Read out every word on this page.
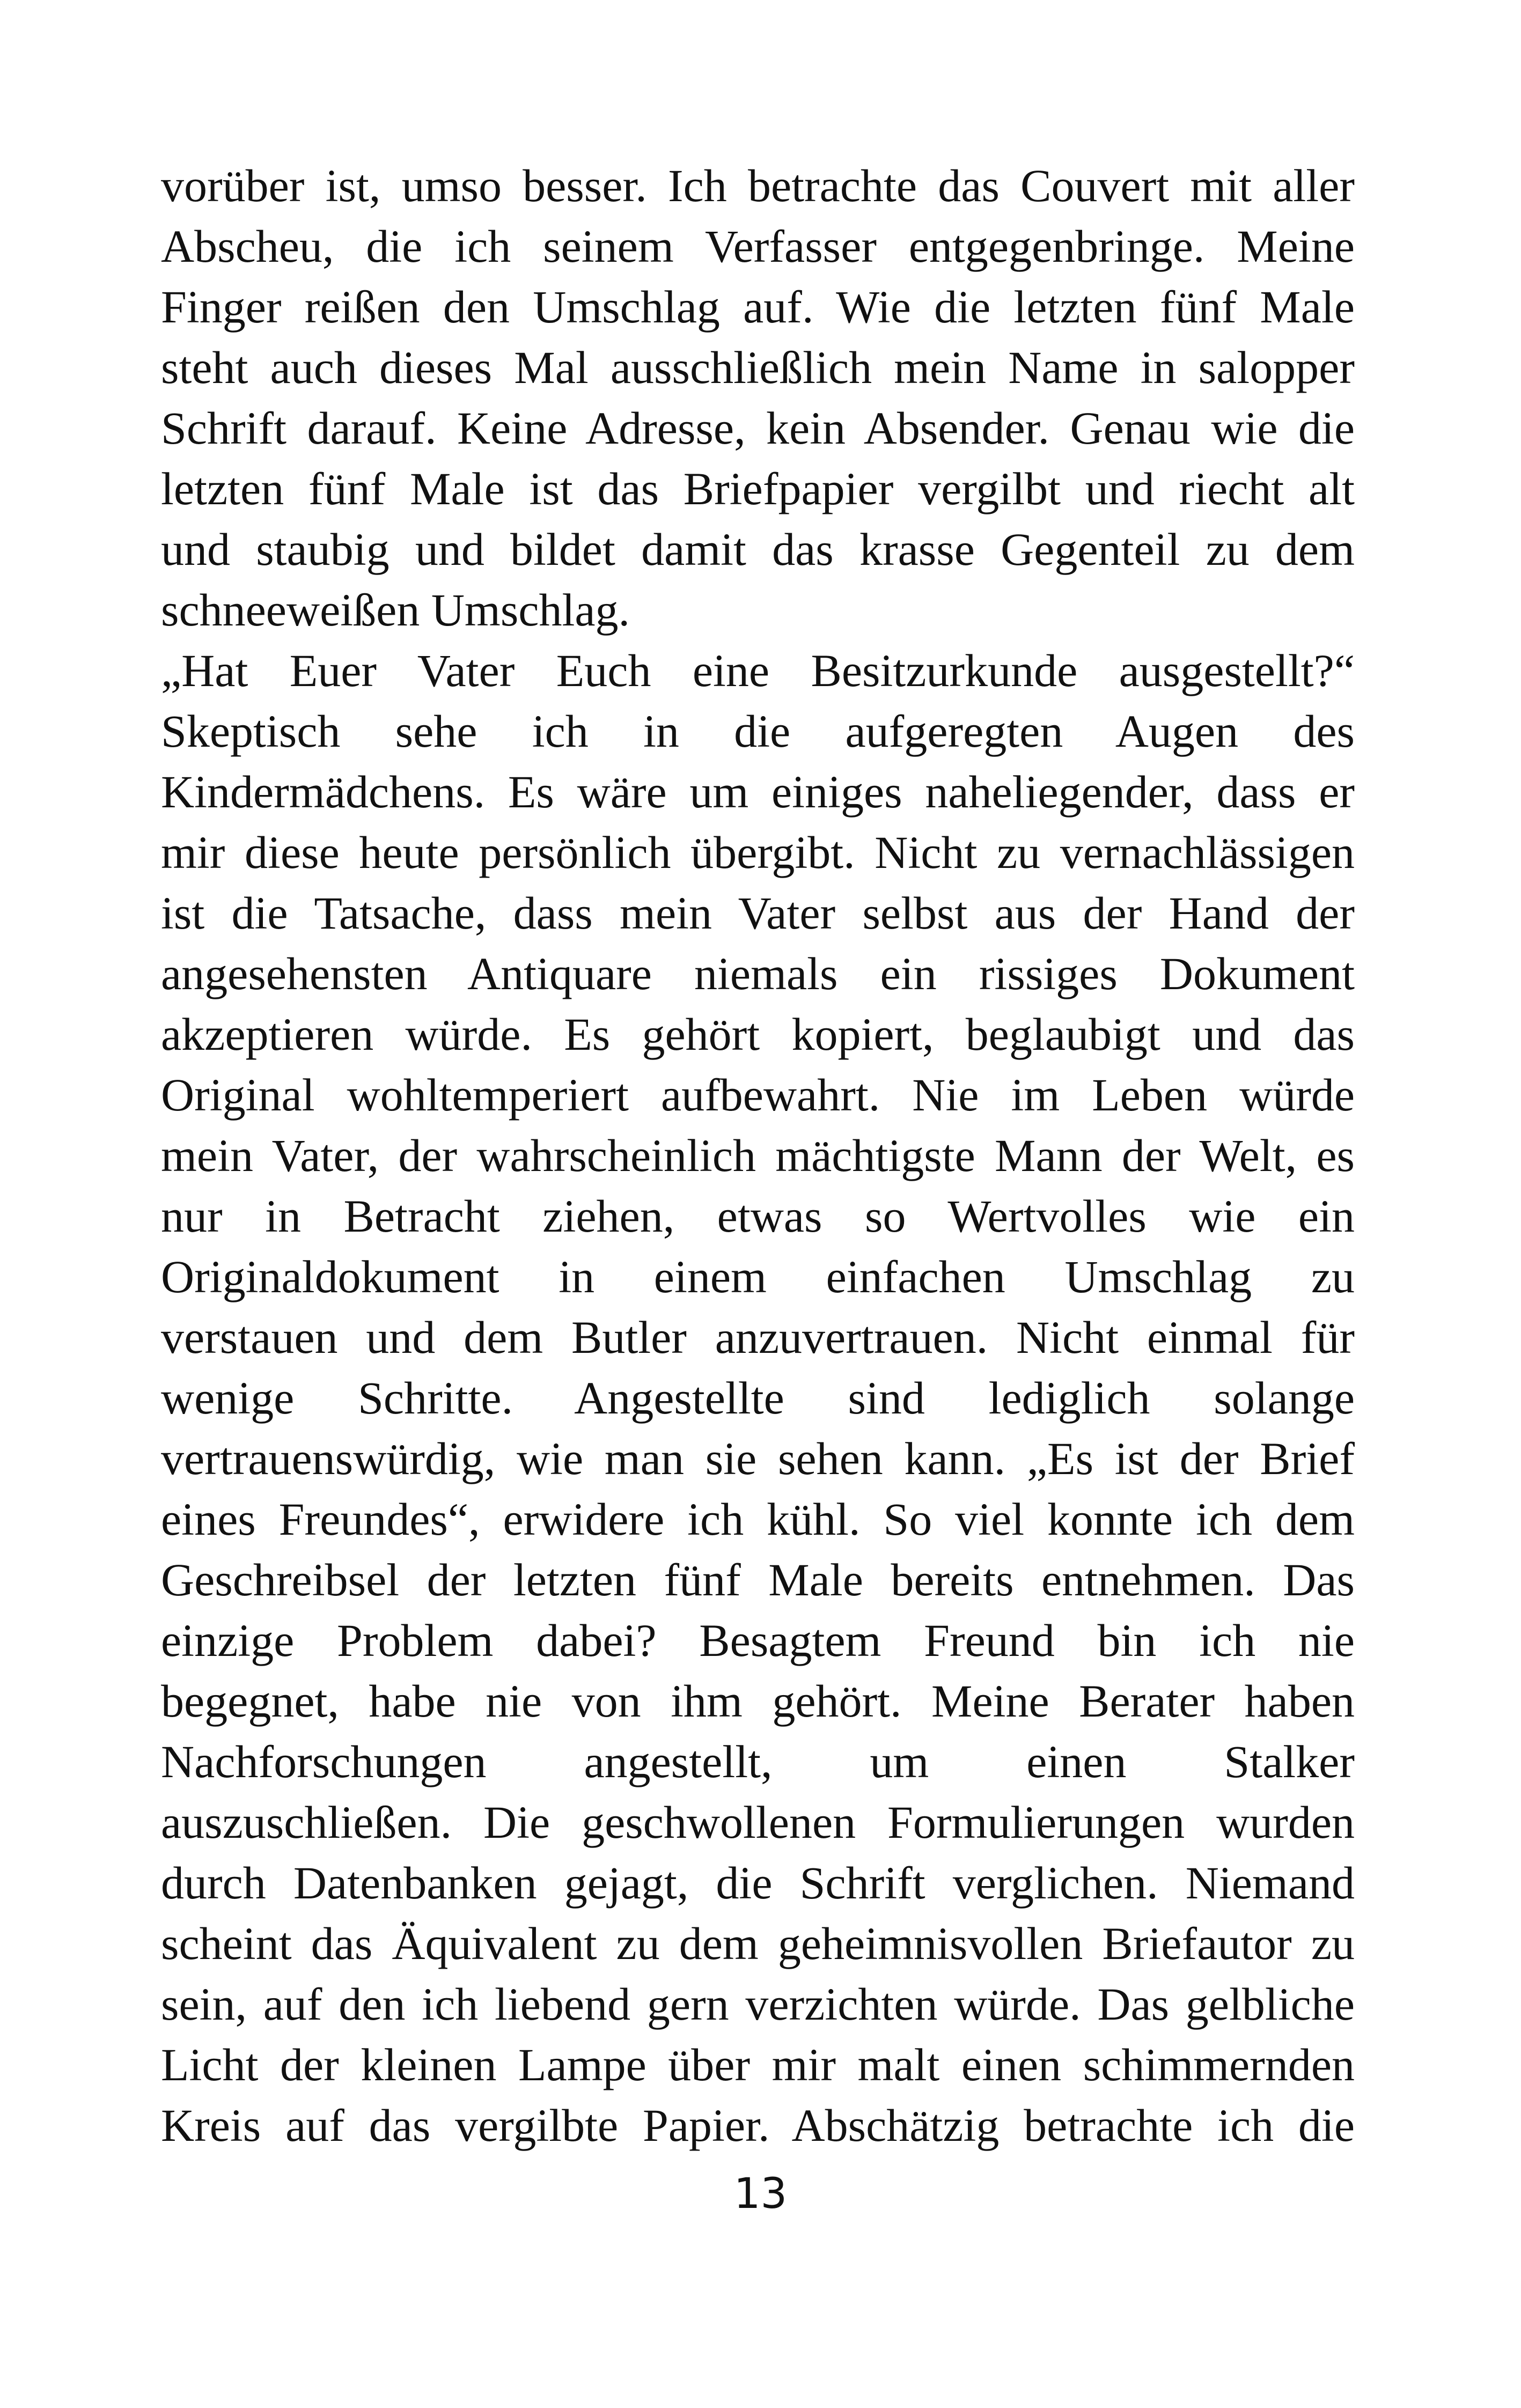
vorüber ist, umso besser. Ich betrachte das Couvert mit aller
Abscheu, die ich seinem Verfasser entgegenbringe. Meine
Finger reißen den Umschlag auf. Wie die letzten fünf Male
steht auch dieses Mal ausschließlich mein Name in salopper
Schrift darauf. Keine Adresse, kein Absender. Genau wie die
letzten fünf Male ist das Briefpapier vergilbt und riecht alt
und staubig und bildet damit das krasse Gegenteil zu dem
schneeweißen Umschlag.
„Hat Euer Vater Euch eine Besitzurkunde ausgestellt?“
Skeptisch sehe ich in die aufgeregten Augen des
Kindermädchens. Es wäre um einiges naheliegender, dass er
mir diese heute persönlich übergibt. Nicht zu vernachlässigen
ist die Tatsache, dass mein Vater selbst aus der Hand der
angesehensten Antiquare niemals ein rissiges Dokument
akzeptieren würde. Es gehört kopiert, beglaubigt und das
Original wohltemperiert aufbewahrt. Nie im Leben würde
mein Vater, der wahrscheinlich mächtigste Mann der Welt, es
nur in Betracht ziehen, etwas so Wertvolles wie ein
Originaldokument in einem einfachen Umschlag zu
verstauen und dem Butler anzuvertrauen. Nicht einmal für
wenige Schritte. Angestellte sind lediglich solange
vertrauenswürdig, wie man sie sehen kann. „Es ist der Brief
eines Freundes“, erwidere ich kühl. So viel konnte ich dem
Geschreibsel der letzten fünf Male bereits entnehmen. Das
einzige Problem dabei? Besagtem Freund bin ich nie
begegnet, habe nie von ihm gehört. Meine Berater haben
Nachforschungen angestellt, um einen Stalker
auszuschließen. Die geschwollenen Formulierungen wurden
durch Datenbanken gejagt, die Schrift verglichen. Niemand
scheint das Äquivalent zu dem geheimnisvollen Briefautor zu
sein, auf den ich liebend gern verzichten würde. Das gelbliche
Licht der kleinen Lampe über mir malt einen schimmernden
Kreis auf das vergilbte Papier. Abschätzig betrachte ich die
13
